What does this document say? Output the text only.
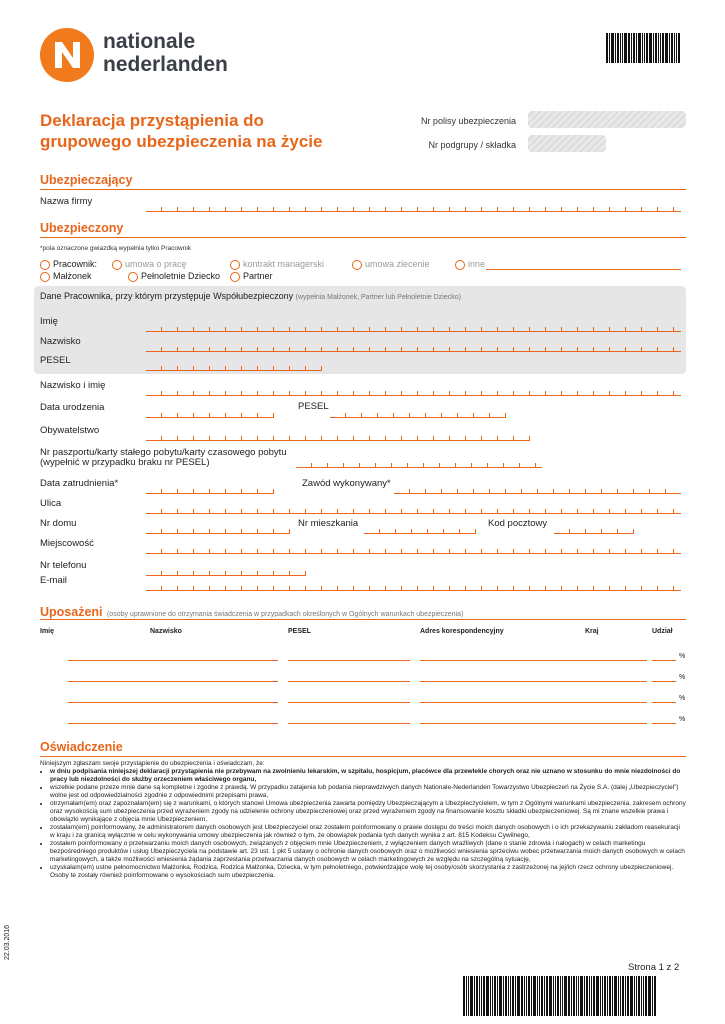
nationale
nederlanden
Deklaracja przystąpienia do grupowego ubezpieczenia na życie
Nr polisy ubezpieczenia
Nr podgrupy / składka
Ubezpieczający
Nazwa firmy
Ubezpieczony
*pola oznaczone gwiazdką wypełnia tylko Pracownik
Pracownik:	umowa o pracę	kontrakt managerski	umowa zlecenie	inne
Małżonek	Pełnoletnie Dziecko	Partner
Dane Pracownika, przy którym przystępuje Współubezpieczony (wypełnia Małżonek, Partner lub Pełnoletnie Dziecko)
Imię
Nazwisko
PESEL
Nazwisko i imię
Data urodzenia	PESEL
Obywatelstwo
Nr paszportu/karty stałego pobytu/karty czasowego pobytu
(wypełnić w przypadku braku nr PESEL)
Data zatrudnienia*	Zawód wykonywany*
Ulica
Nr domu	Nr mieszkania	Kod pocztowy
Miejscowość
Nr telefonu
E-mail
Uposażeni (osoby uprawnione do otrzymania świadczenia w przypadkach określonych w Ogólnych warunkach ubezpieczenia)
Imię	Nazwisko	PESEL	Adres korespondencyjny	Kraj	Udział
%
%
%
%
Oświadczenie
Niniejszym zgłaszam swoje przystąpienie do ubezpieczenia i oświadczam, że:
• w dniu podpisania niniejszej deklaracji przystąpienia nie przebywam na zwolnieniu lekarskim, w szpitalu, hospicjum, placówce dla przewlekle chorych oraz nie uznano w stosunku do mnie niezdolności do pracy lub niezdolności do służby orzeczeniem właściwego organu,
• wszelkie podane przeze mnie dane są kompletne i zgodne z prawdą. W przypadku zatajenia lub podania nieprawdziwych danych Nationale-Nederlanden Towarzystwo Ubezpieczeń na Życie S.A. (dalej „Ubezpieczyciel”) wolne jest od odpowiedzialności zgodnie z odpowiednimi przepisami prawa,
• otrzymałam(em) oraz zapoznałam(em) się z warunkami, o których stanowi Umowa ubezpieczenia zawarta pomiędzy Ubezpieczającym a Ubezpieczycielem, w tym z Ogólnymi warunkami ubezpieczenia, zakresem ochrony oraz wysokością sum ubezpieczenia przed wyrażeniem zgody na udzielenie ochrony ubezpieczeniowej oraz przed wyrażeniem zgody na finansowanie kosztu składki ubezpieczeniowej. Są mi znane wszelkie prawa i obowiązki wynikające z objęcia mnie Ubezpieczeniem,
• zostałam(em) poinformowany, że administratorem danych osobowych jest Ubezpieczyciel oraz zostałem poinformowany o prawie dostępu do treści moich danych osobowych i o ich przekazywaniu zakładom reasekuracji w kraju i za granicą wyłącznie w celu wykonywania umowy ubezpieczenia jak również o tym, że obowiązek podania tych danych wynika z art. 815 Kodeksu Cywilnego,
• zostałem poinformowany o przetwarzaniu moich danych osobowych, związanych z objęciem mnie Ubezpieczeniem, z wyłączeniem danych wrażliwych (dane o stanie zdrowia i nałogach) w celach marketingu bezpośredniego produktów i usług Ubezpieczyciela na podstawie art. 23 ust. 1 pkt 5 ustawy o ochronie danych osobowych oraz o możliwości wniesienia sprzeciwu wobec przetwarzania moich danych osobowych w celach marketingowych, a także możliwości wniesienia żądania zaprzestania przetwarzania danych osobowych w celach marketingowych ze względu na szczególną sytuację,
• uzyskałam(em) ustne pełnomocnictwo Małżonka, Rodzica, Rodzica Małżonka, Dziecka, w tym pełnoletniego, potwierdzające wolę tej osoby/osób skorzystania z zastrzeżonej na jej/ich rzecz ochrony ubezpieczeniowej. Osoby te zostały również poinformowane o wysokościach sum ubezpieczenia.
Strona 1 z 2
22.03.2016
